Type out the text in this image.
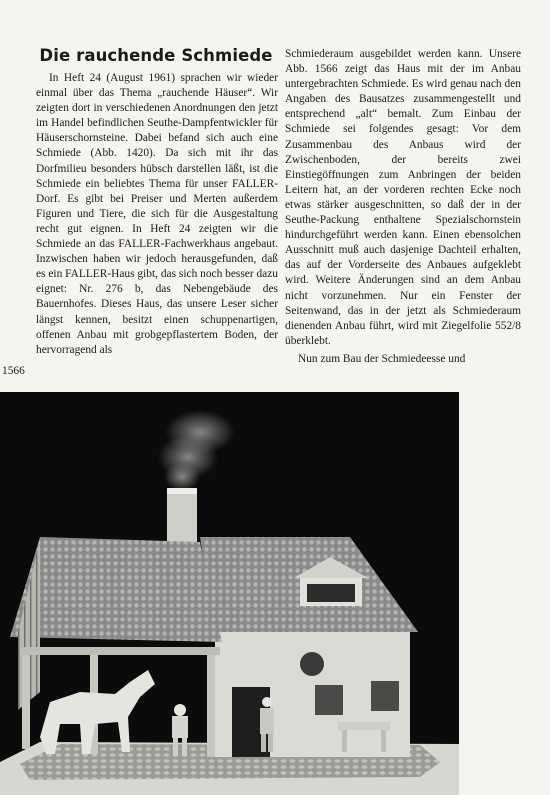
Die rauchende Schmiede

In Heft 24 (August 1961) sprachen wir wieder einmal über das Thema „rauchende Häuser“. Wir zeigten dort in verschiedenen Anordnungen den jetzt im Handel befindlichen Seuthe-Dampfentwickler für Häuserschornsteine. Dabei befand sich auch eine Schmiede (Abb. 1420). Da sich mit ihr das Dorfmilieu besonders hübsch darstellen läßt, ist die Schmiede ein beliebtes Thema für unser FALLER-Dorf. Es gibt bei Preiser und Merten außerdem Figuren und Tiere, die sich für die Ausgestaltung recht gut eignen. In Heft 24 zeigten wir die Schmiede an das FALLER-Fachwerkhaus angebaut. Inzwischen haben wir jedoch herausgefunden, daß es ein FALLER-Haus gibt, das sich noch besser dazu eignet: Nr. 276 b, das Nebengebäude des Bauernhofes. Dieses Haus, das unsere Leser sicher längst kennen, besitzt einen schuppenartigen, offenen Anbau mit grobgepflastertem Boden, der hervorragend als

Schmiederaum ausgebildet werden kann. Unsere Abb. 1566 zeigt das Haus mit der im Anbau untergebrachten Schmiede. Es wird genau nach den Angaben des Bausatzes zusammengestellt und entsprechend „alt“ bemalt. Zum Einbau der Schmiede sei folgendes gesagt: Vor dem Zusammenbau des Anbaus wird der Zwischenboden, der bereits zwei Einstiegöffnungen zum Anbringen der beiden Leitern hat, an der vorderen rechten Ecke noch etwas stärker ausgeschnitten, so daß der in der Seuthe-Packung enthaltene Spezialschornstein hindurchgeführt werden kann. Einen ebensolchen Ausschnitt muß auch dasjenige Dachteil erhalten, das auf der Vorderseite des Anbaues aufgeklebt wird. Weitere Änderungen sind an dem Anbau nicht vorzunehmen. Nur ein Fenster der Seitenwand, das in der jetzt als Schmiederaum dienenden Anbau führt, wird mit Ziegelfolie 552/8 überklebt.

Nun zum Bau der Schmiedeesse und

1566
